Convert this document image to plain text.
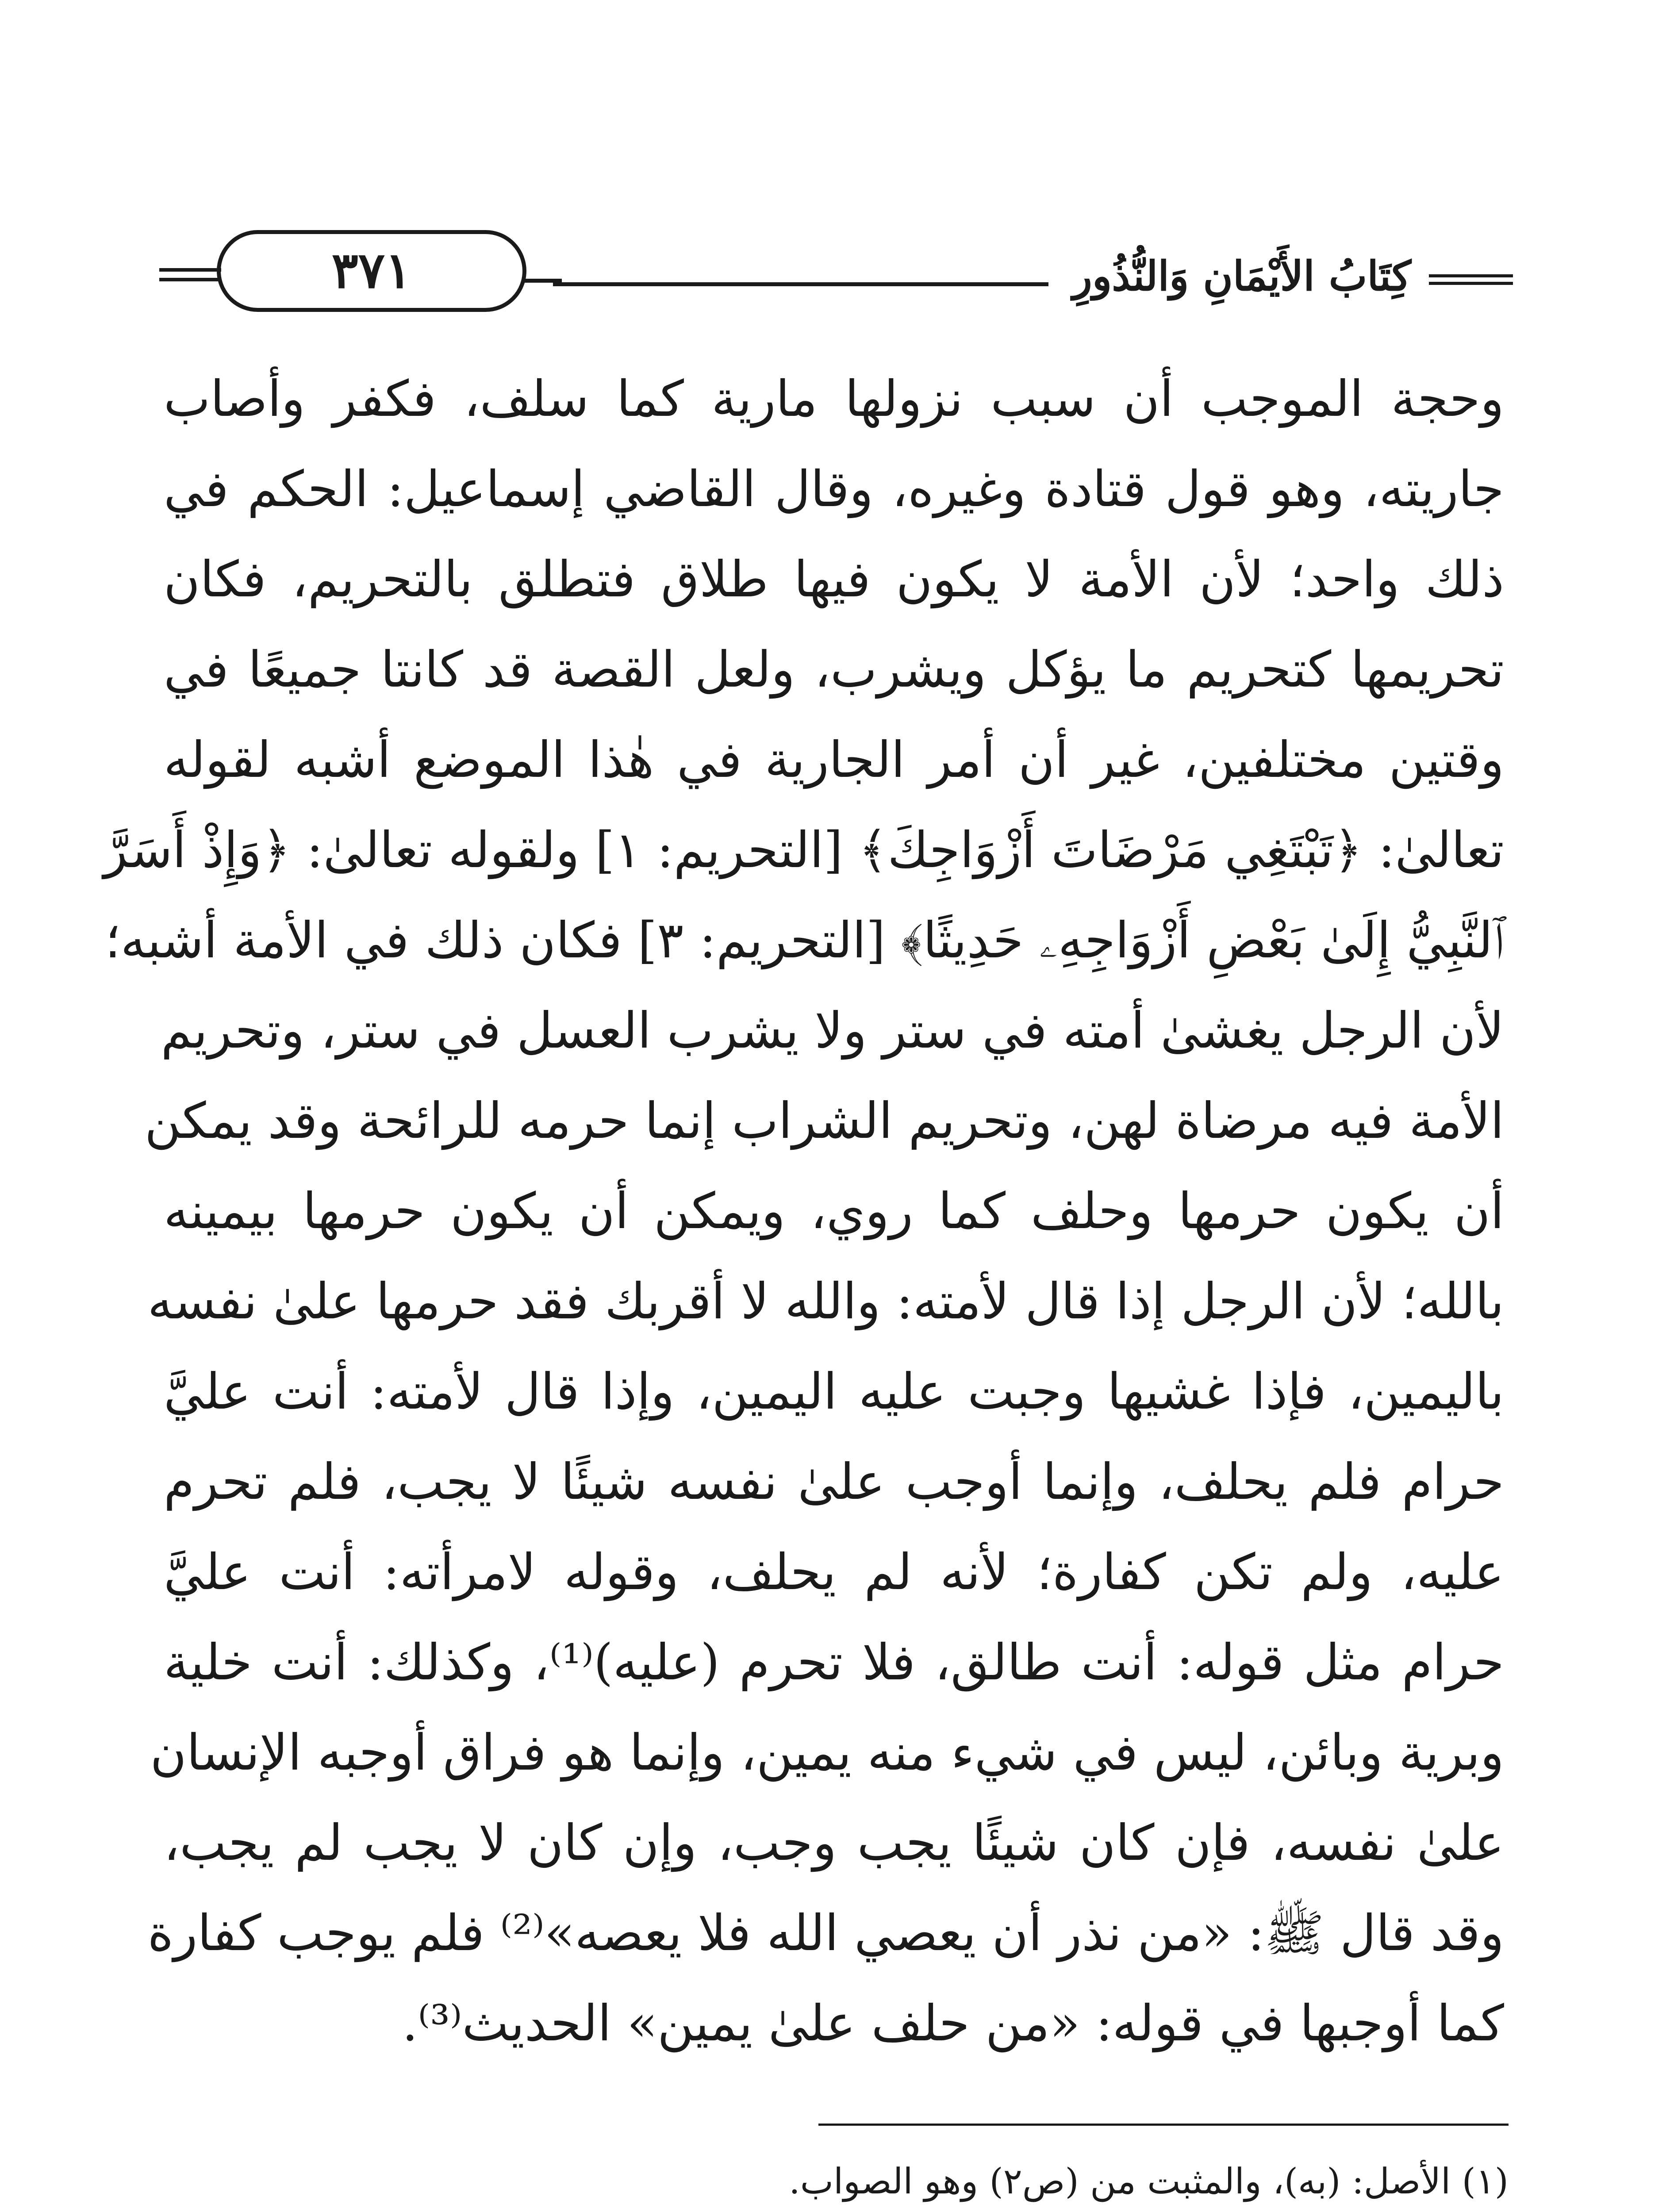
كِتَابُ الأَيْمَانِ وَالنُّذُورِ
٣٧١
وحجة الموجب أن سبب نزولها مارية كما سلف، فكفر وأصاب
جاريته، وهو قول قتادة وغيره، وقال القاضي إسماعيل: الحكم في
ذلك واحد؛ لأن الأمة لا يكون فيها طلاق فتطلق بالتحريم، فكان
تحريمها كتحريم ما يؤكل ويشرب، ولعل القصة قد كانتا جميعًا في
وقتين مختلفين، غير أن أمر الجارية في هٰذا الموضع أشبه لقوله
تعالىٰ: ﴿تَبْتَغِي مَرْضَاتَ أَزْوَاجِكَ﴾ [التحريم: ١] ولقوله تعالىٰ: ﴿وَإِذْ أَسَرَّ
ٱلنَّبِيُّ إِلَىٰ بَعْضِ أَزْوَاجِهِۦ حَدِيثًا﴾ [التحريم: ٣] فكان ذلك في الأمة أشبه؛
لأن الرجل يغشىٰ أمته في ستر ولا يشرب العسل في ستر، وتحريم
الأمة فيه مرضاة لهن، وتحريم الشراب إنما حرمه للرائحة وقد يمكن
أن يكون حرمها وحلف كما روي، ويمكن أن يكون حرمها بيمينه
بالله؛ لأن الرجل إذا قال لأمته: والله لا أقربك فقد حرمها علىٰ نفسه
باليمين، فإذا غشيها وجبت عليه اليمين، وإذا قال لأمته: أنت عليَّ
حرام فلم يحلف، وإنما أوجب علىٰ نفسه شيئًا لا يجب، فلم تحرم
عليه، ولم تكن كفارة؛ لأنه لم يحلف، وقوله لامرأته: أنت عليَّ
حرام مثل قوله: أنت طالق، فلا تحرم (عليه)⁽¹⁾، وكذلك: أنت خلية
وبرية وبائن، ليس في شيء منه يمين، وإنما هو فراق أوجبه الإنسان
علىٰ نفسه، فإن كان شيئًا يجب وجب، وإن كان لا يجب لم يجب،
وقد قال ﷺ: «من نذر أن يعصي الله فلا يعصه»⁽²⁾ فلم يوجب كفارة
كما أوجبها في قوله: «من حلف علىٰ يمين» الحديث⁽³⁾.
(١) الأصل: (به)، والمثبت من (ص٢) وهو الصواب.
